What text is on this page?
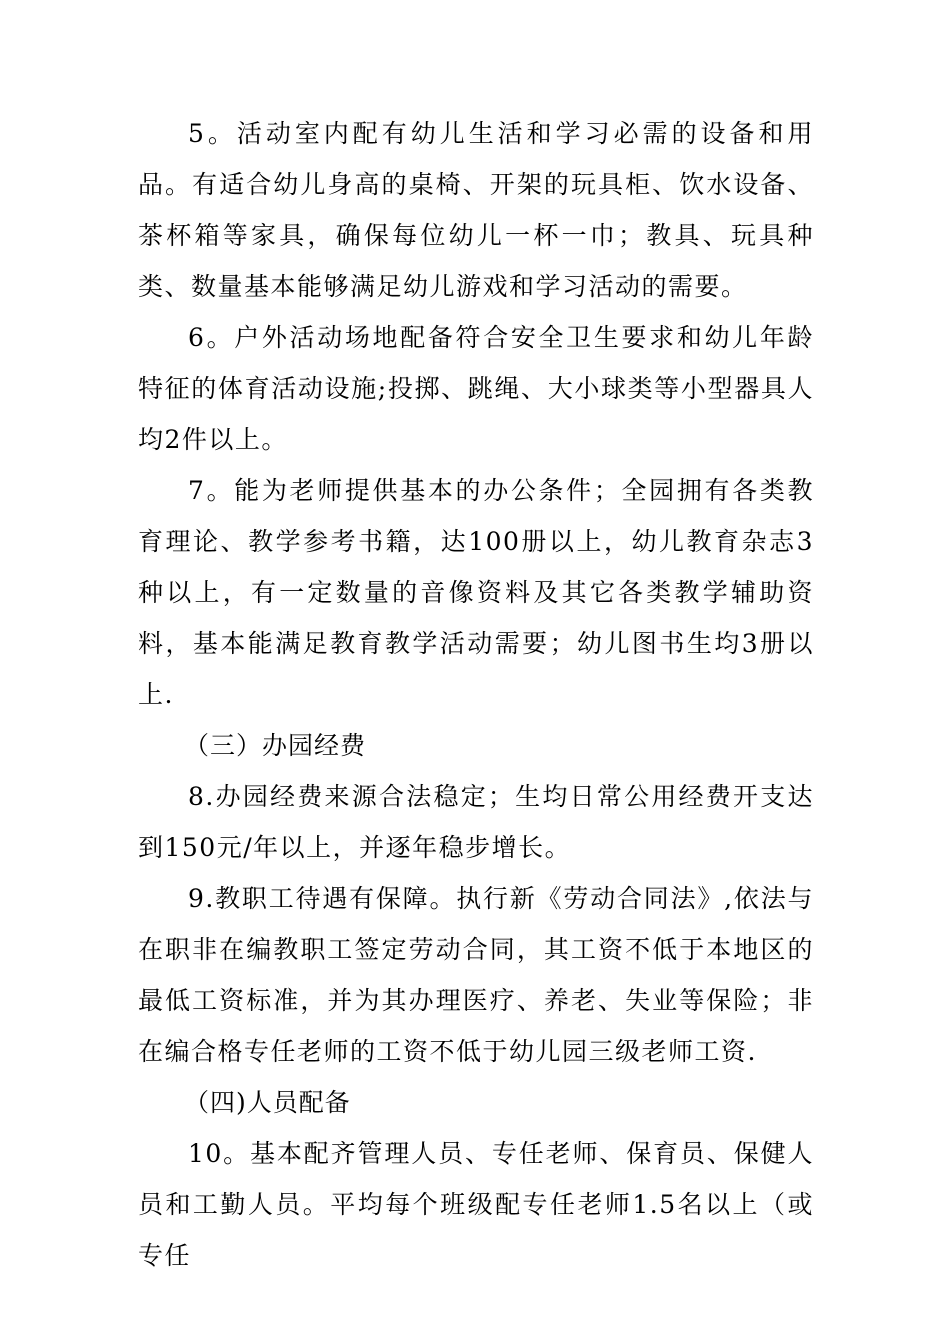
5。活动室内配有幼儿生活和学习必需的设备和用品。有适合幼儿身高的桌椅、开架的玩具柜、饮水设备、茶杯箱等家具，确保每位幼儿一杯一巾；教具、玩具种类、数量基本能够满足幼儿游戏和学习活动的需要。

6。户外活动场地配备符合安全卫生要求和幼儿年龄特征的体育活动设施;投掷、跳绳、大小球类等小型器具人均2件以上。

7。能为老师提供基本的办公条件；全园拥有各类教育理论、教学参考书籍，达100册以上，幼儿教育杂志3种以上，有一定数量的音像资料及其它各类教学辅助资料，基本能满足教育教学活动需要；幼儿图书生均3册以上.

（三）办园经费

8.办园经费来源合法稳定；生均日常公用经费开支达到150元/年以上，并逐年稳步增长。

9.教职工待遇有保障。执行新《劳动合同法》,依法与在职非在编教职工签定劳动合同，其工资不低于本地区的最低工资标准，并为其办理医疗、养老、失业等保险；非在编合格专任老师的工资不低于幼儿园三级老师工资.

（四)人员配备

10。基本配齐管理人员、专任老师、保育员、保健人员和工勤人员。平均每个班级配专任老师1.5名以上（或专任
